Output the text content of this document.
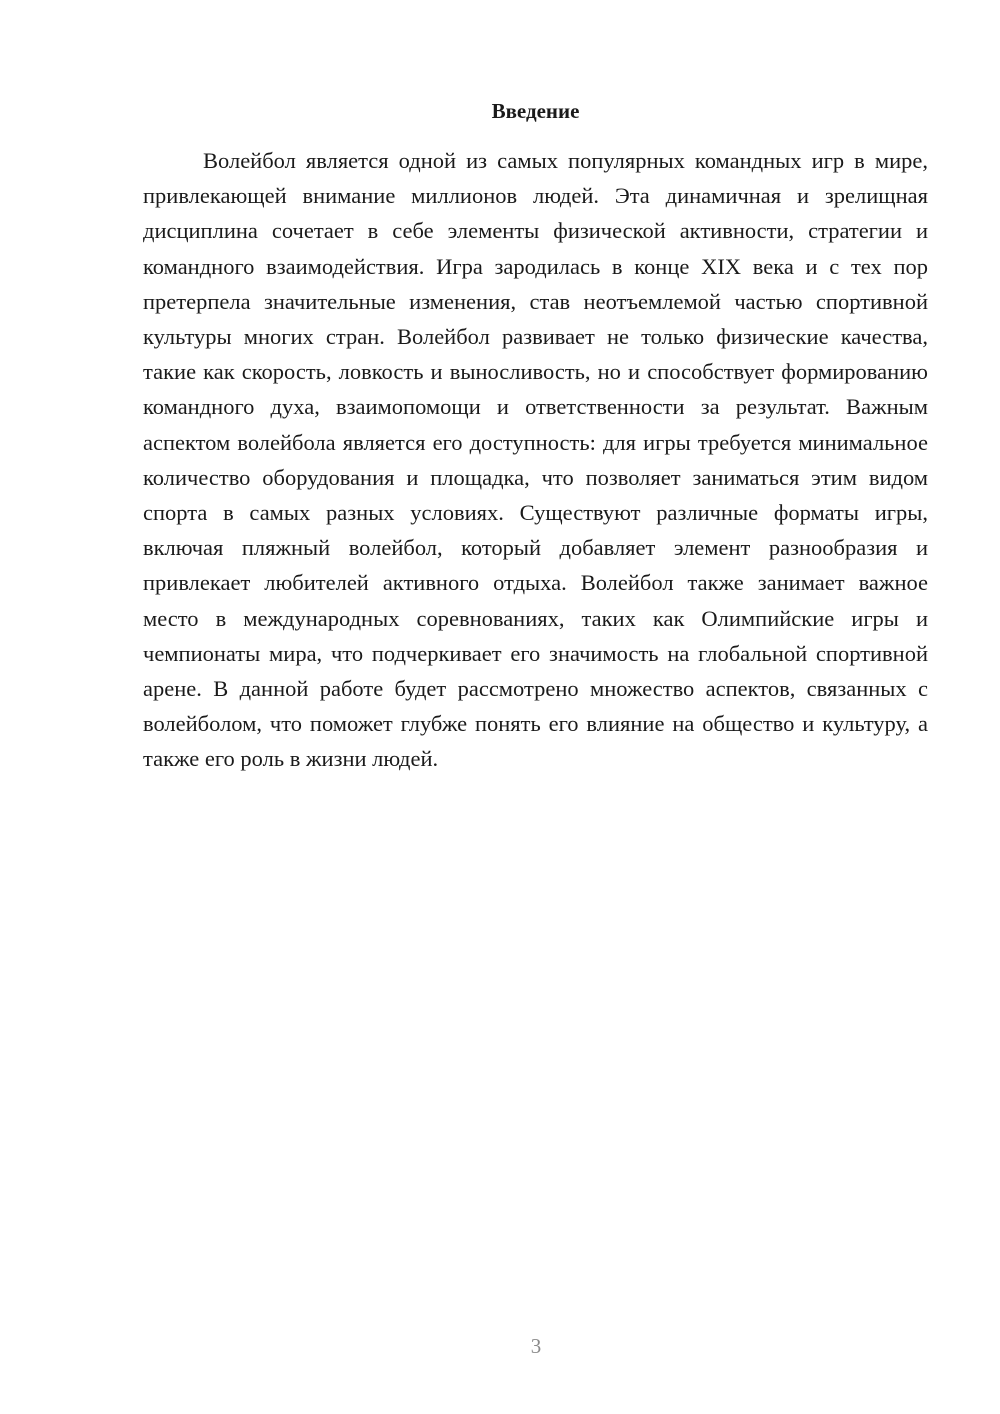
Введение

Волейбол является одной из самых популярных командных игр в мире, привлекающей внимание миллионов людей. Эта динамичная и зрелищная дисциплина сочетает в себе элементы физической активности, стратегии и командного взаимодействия. Игра зародилась в конце XIX века и с тех пор претерпела значительные изменения, став неотъемлемой частью спортивной культуры многих стран. Волейбол развивает не только физические качества, такие как скорость, ловкость и выносливость, но и способствует формированию командного духа, взаимопомощи и ответственности за результат. Важным аспектом волейбола является его доступность: для игры требуется минимальное количество оборудования и площадка, что позволяет заниматься этим видом спорта в самых разных условиях. Существуют различные форматы игры, включая пляжный волейбол, который добавляет элемент разнообразия и привлекает любителей активного отдыха. Волейбол также занимает важное место в международных соревнованиях, таких как Олимпийские игры и чемпионаты мира, что подчеркивает его значимость на глобальной спортивной арене. В данной работе будет рассмотрено множество аспектов, связанных с волейболом, что поможет глубже понять его влияние на общество и культуру, а также его роль в жизни людей.

3
